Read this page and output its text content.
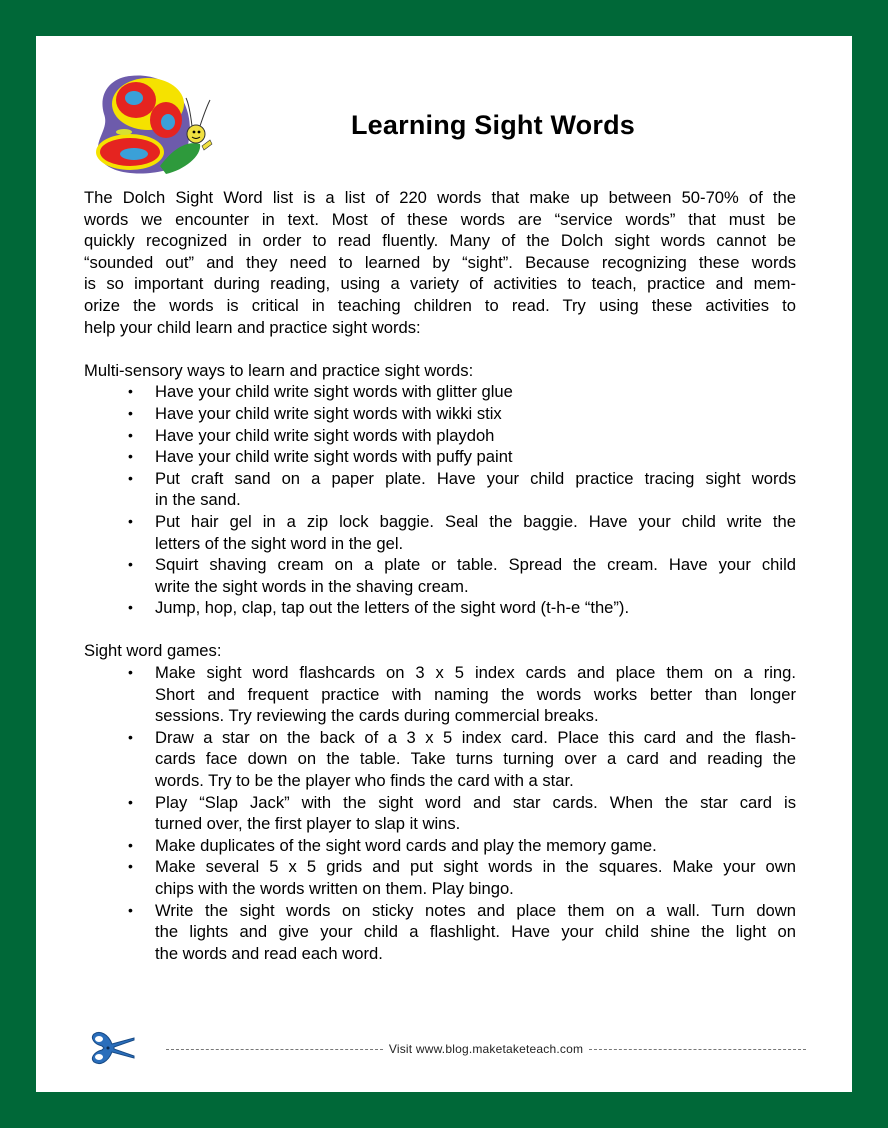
Learning Sight Words

The Dolch Sight Word list is a list of 220 words that make up between 50-70% of the
words we encounter in text. Most of these words are “service words” that must be
quickly recognized in order to read fluently. Many of the Dolch sight words cannot be
“sounded out” and they need to learned by “sight”. Because recognizing these words
is so important during reading, using a variety of activities to teach, practice and mem-
orize the words is critical in teaching children to read. Try using these activities to
help your child learn and practice sight words:

Multi-sensory ways to learn and practice sight words:

• Have your child write sight words with glitter glue
• Have your child write sight words with wikki stix
• Have your child write sight words with playdoh
• Have your child write sight words with puffy paint
• Put craft sand on a paper plate. Have your child practice tracing sight words
in the sand.
• Put hair gel in a zip lock baggie. Seal the baggie. Have your child write the
letters of the sight word in the gel.
• Squirt shaving cream on a plate or table. Spread the cream. Have your child
write the sight words in the shaving cream.
• Jump, hop, clap, tap out the letters of the sight word (t-h-e “the”).

Sight word games:

• Make sight word flashcards on 3 x 5 index cards and place them on a ring.
Short and frequent practice with naming the words works better than longer
sessions. Try reviewing the cards during commercial breaks.
• Draw a star on the back of a 3 x 5 index card. Place this card and the flash-
cards face down on the table. Take turns turning over a card and reading the
words. Try to be the player who finds the card with a star.
• Play “Slap Jack” with the sight word and star cards. When the star card is
turned over, the first player to slap it wins.
• Make duplicates of the sight word cards and play the memory game.
• Make several 5 x 5 grids and put sight words in the squares. Make your own
chips with the words written on them. Play bingo.
• Write the sight words on sticky notes and place them on a wall. Turn down
the lights and give your child a flashlight. Have your child shine the light on
the words and read each word.
Visit www.blog.maketaketeach.com
